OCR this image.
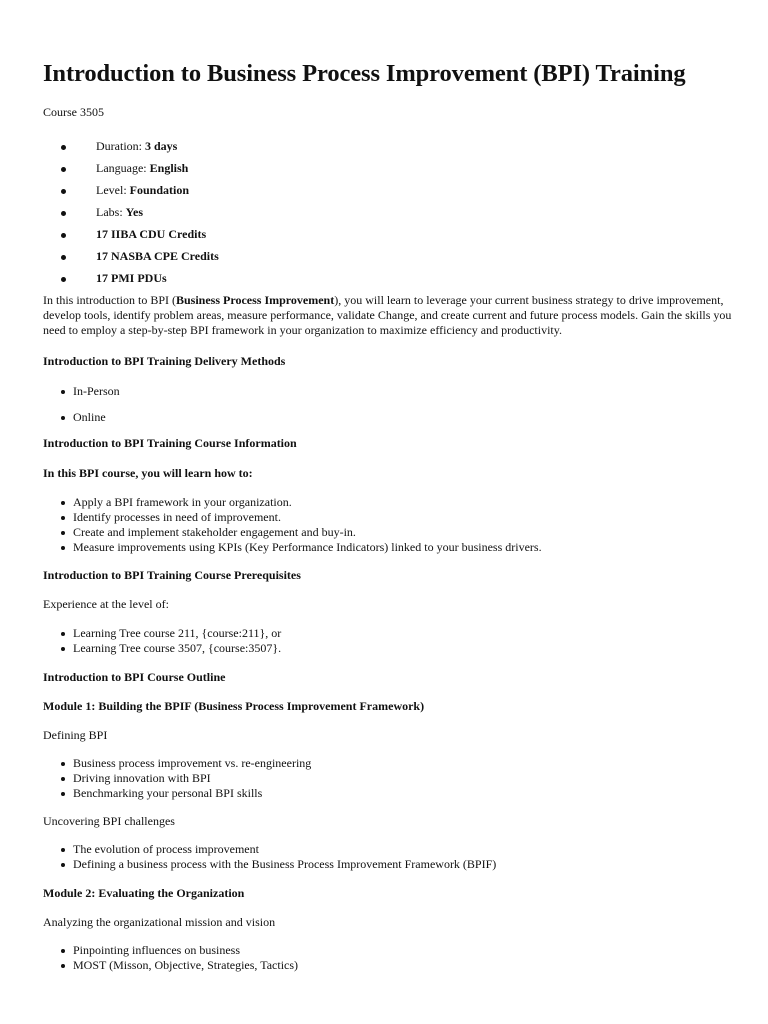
Introduction to Business Process Improvement (BPI) Training

Course 3505

Duration: 3 days
Language: English
Level: Foundation
Labs: Yes
17 IIBA CDU Credits
17 NASBA CPE Credits
17 PMI PDUs

In this introduction to BPI (Business Process Improvement), you will learn to leverage your current business strategy to drive improvement, develop tools, identify problem areas, measure performance, validate Change, and create current and future process models. Gain the skills you need to employ a step-by-step BPI framework in your organization to maximize efficiency and productivity.

Introduction to BPI Training Delivery Methods

In-Person
Online

Introduction to BPI Training Course Information

In this BPI course, you will learn how to:

Apply a BPI framework in your organization.
Identify processes in need of improvement.
Create and implement stakeholder engagement and buy-in.
Measure improvements using KPIs (Key Performance Indicators) linked to your business drivers.

Introduction to BPI Training Course Prerequisites

Experience at the level of:

Learning Tree course 211, {course:211}, or
Learning Tree course 3507, {course:3507}.

Introduction to BPI Course Outline

Module 1: Building the BPIF (Business Process Improvement Framework)

Defining BPI

Business process improvement vs. re-engineering
Driving innovation with BPI
Benchmarking your personal BPI skills

Uncovering BPI challenges

The evolution of process improvement
Defining a business process with the Business Process Improvement Framework (BPIF)

Module 2: Evaluating the Organization

Analyzing the organizational mission and vision

Pinpointing influences on business
MOST (Misson, Objective, Strategies, Tactics)
